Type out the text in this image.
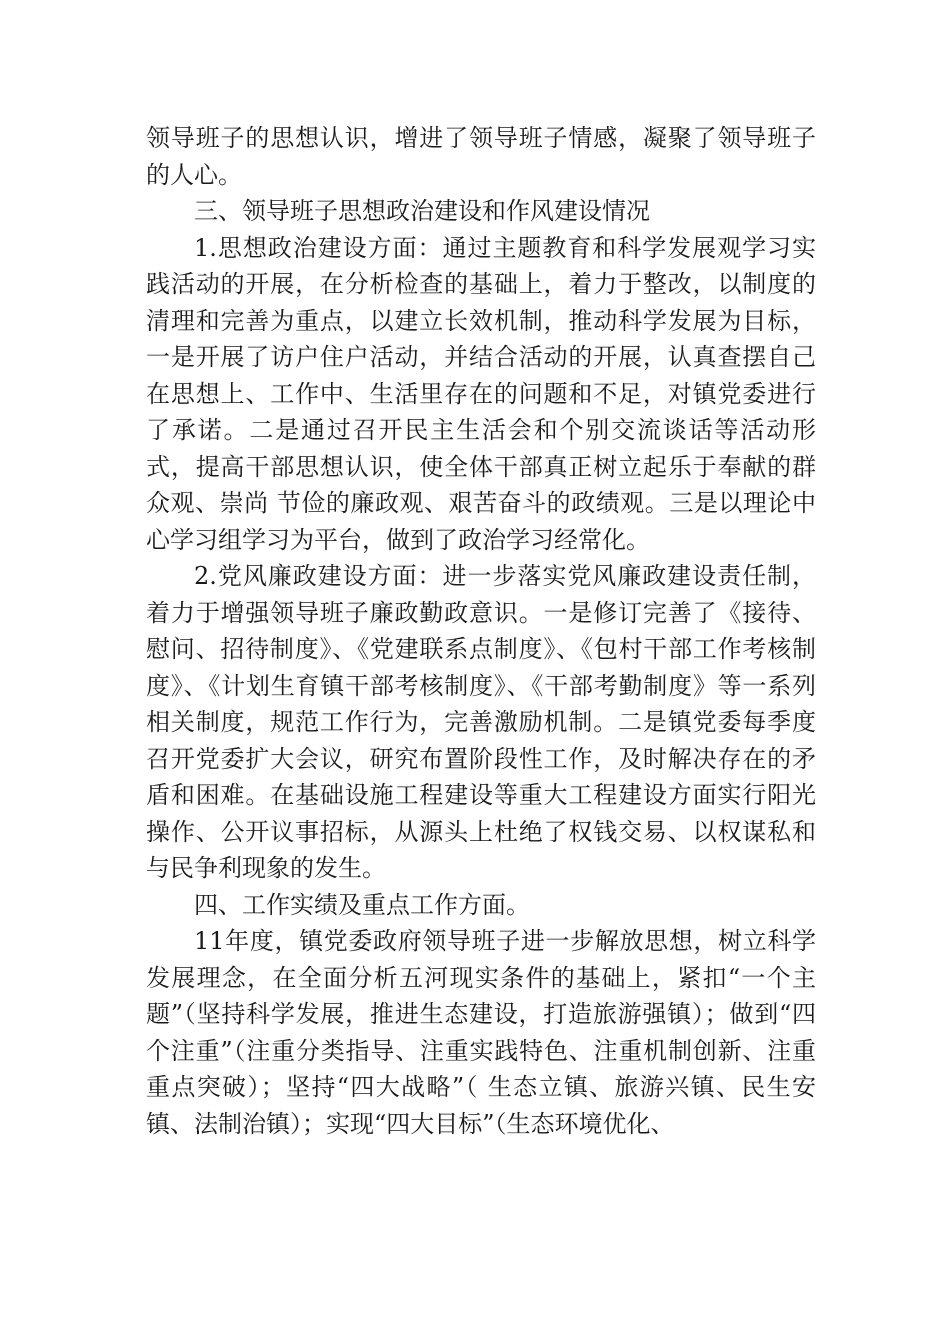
领导班子的思想认识，增进了领导班子情感，凝聚了领导班子的人心。

三、领导班子思想政治建设和作风建设情况

1.思想政治建设方面：通过主题教育和科学发展观学习实践活动的开展，在分析检查的基础上，着力于整改，以制度的清理和完善为重点，以建立长效机制，推动科学发展为目标，一是开展了访户住户活动，并结合活动的开展，认真查摆自己在思想上、工作中、生活里存在的问题和不足，对镇党委进行了承诺。二是通过召开民主生活会和个别交流谈话等活动形式，提高干部思想认识，使全体干部真正树立起乐于奉献的群众观、崇尚 节俭的廉政观、艰苦奋斗的政绩观。三是以理论中心学习组学习为平台，做到了政治学习经常化。

2.党风廉政建设方面：进一步落实党风廉政建设责任制，着力于增强领导班子廉政勤政意识。一是修订完善了《接待、慰问、招待制度》、《党建联系点制度》、《包村干部工作考核制度》、《计划生育镇干部考核制度》、《干部考勤制度》等一系列相关制度，规范工作行为，完善激励机制。二是镇党委每季度召开党委扩大会议，研究布置阶段性工作，及时解决存在的矛盾和困难。在基础设施工程建设等重大工程建设方面实行阳光操作、公开议事招标，从源头上杜绝了权钱交易、以权谋私和与民争利现象的发生。

四、工作实绩及重点工作方面。

11年度，镇党委政府领导班子进一步解放思想，树立科学发展理念，在全面分析五河现实条件的基础上，紧扣“一个主题”（坚持科学发展，推进生态建设，打造旅游强镇）；做到“四个注重”（注重分类指导、注重实践特色、注重机制创新、注重重点突破）；坚持“四大战略”（ 生态立镇、旅游兴镇、民生安镇、法制治镇）；实现“四大目标”（生态环境优化、
